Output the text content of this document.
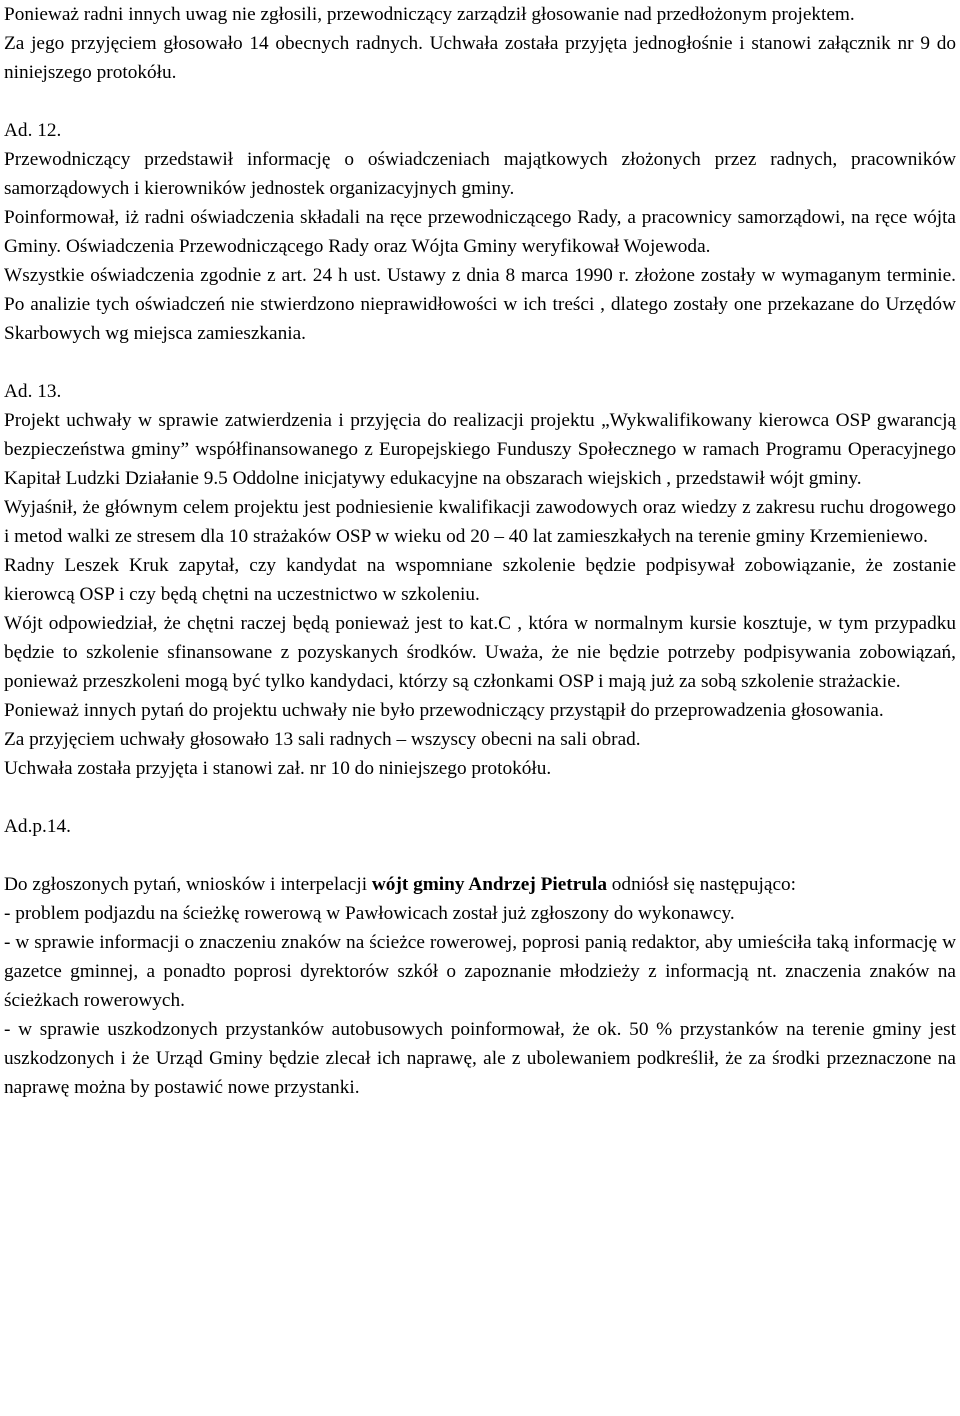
Ponieważ radni innych uwag nie zgłosili, przewodniczący zarządził głosowanie nad przedłożonym projektem.

Za jego przyjęciem głosowało 14 obecnych radnych. Uchwała została przyjęta jednogłośnie i stanowi załącznik nr 9 do niniejszego protokółu.

Ad. 12.

Przewodniczący przedstawił informację o oświadczeniach majątkowych złożonych przez radnych, pracowników samorządowych i kierowników jednostek organizacyjnych gminy.

Poinformował, iż radni oświadczenia składali na ręce przewodniczącego Rady, a pracownicy samorządowi, na ręce wójta Gminy. Oświadczenia Przewodniczącego Rady oraz Wójta Gminy weryfikował Wojewoda.

Wszystkie oświadczenia zgodnie z art. 24 h ust. Ustawy z dnia 8 marca 1990 r. złożone zostały w wymaganym terminie. Po analizie tych oświadczeń nie stwierdzono nieprawidłowości w ich treści , dlatego zostały one przekazane do Urzędów Skarbowych wg miejsca zamieszkania.

Ad. 13.

Projekt uchwały w sprawie zatwierdzenia i przyjęcia do realizacji projektu „Wykwalifikowany kierowca OSP gwarancją bezpieczeństwa gminy” współfinansowanego z Europejskiego Funduszy Społecznego w ramach Programu Operacyjnego Kapitał Ludzki Działanie 9.5 Oddolne inicjatywy edukacyjne na obszarach wiejskich , przedstawił wójt gminy.

Wyjaśnił, że głównym celem projektu jest podniesienie kwalifikacji zawodowych oraz wiedzy z zakresu ruchu drogowego i metod walki ze stresem dla 10 strażaków OSP w wieku od 20 – 40 lat zamieszkałych na terenie gminy Krzemieniewo.

Radny Leszek Kruk zapytał, czy kandydat na wspomniane szkolenie będzie podpisywał zobowiązanie, że zostanie kierowcą OSP i czy będą chętni na uczestnictwo w szkoleniu.

Wójt odpowiedział, że chętni raczej będą ponieważ jest to kat.C , która w normalnym kursie kosztuje, w tym przypadku będzie to szkolenie sfinansowane z pozyskanych środków. Uważa, że nie będzie potrzeby podpisywania zobowiązań, ponieważ przeszkoleni mogą być tylko kandydaci, którzy są członkami OSP i mają już za sobą szkolenie strażackie.

Ponieważ innych pytań do projektu uchwały nie było przewodniczący przystąpił do przeprowadzenia głosowania.

Za przyjęciem uchwały głosowało 13 sali radnych – wszyscy obecni na sali obrad.

Uchwała została przyjęta i stanowi zał. nr 10 do niniejszego protokółu.

Ad.p.14.

Do zgłoszonych pytań, wniosków i interpelacji wójt gminy Andrzej Pietrula odniósł się następująco:

- problem podjazdu na ścieżkę rowerową w Pawłowicach został już zgłoszony do wykonawcy.

- w sprawie informacji o znaczeniu znaków na ścieżce rowerowej, poprosi panią redaktor, aby umieściła taką informację w gazetce gminnej, a ponadto poprosi dyrektorów szkół o zapoznanie młodzieży z informacją nt. znaczenia znaków na ścieżkach rowerowych.

- w sprawie uszkodzonych przystanków autobusowych poinformował, że ok. 50 % przystanków na terenie gminy jest uszkodzonych i że Urząd Gminy będzie zlecał ich naprawę, ale z ubolewaniem podkreślił, że za środki przeznaczone na naprawę można by postawić nowe przystanki.
